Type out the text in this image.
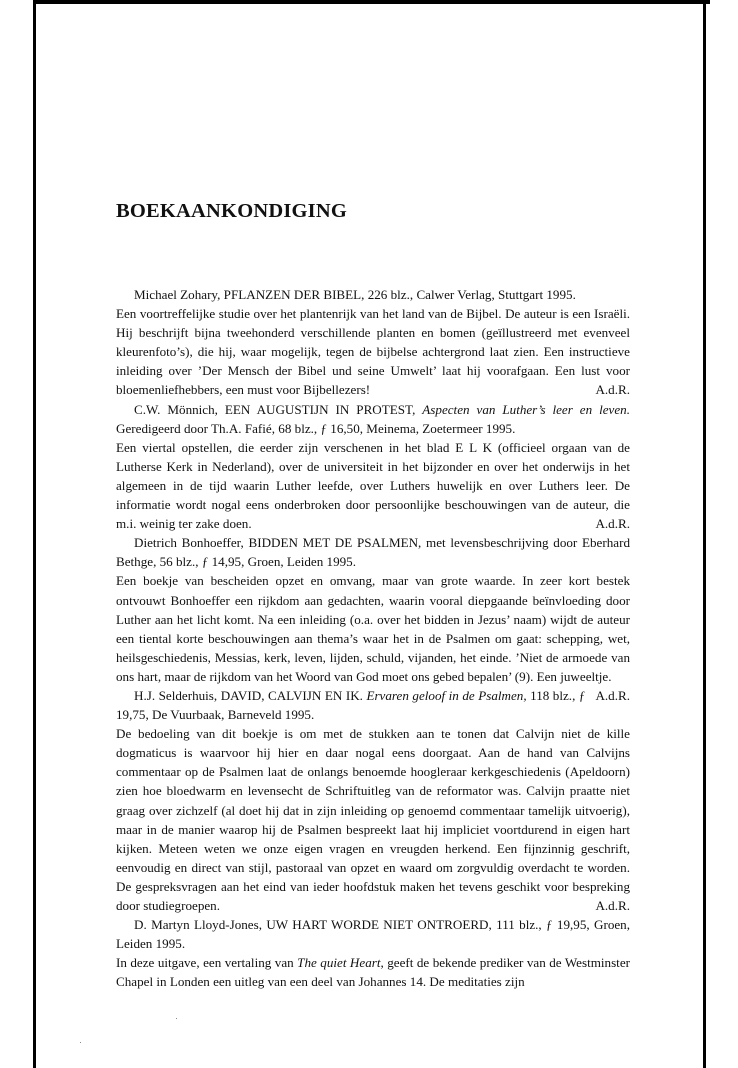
BOEKAANKONDIGING

Michael Zohary, PFLANZEN DER BIBEL, 226 blz., Calwer Verlag, Stuttgart 1995.

Een voortreffelijke studie over het plantenrijk van het land van de Bijbel. De auteur is een Israëli. Hij beschrijft bijna tweehonderd verschillende planten en bomen (geïllustreerd met evenveel kleurenfoto’s), die hij, waar mogelijk, tegen de bijbelse achtergrond laat zien. Een instructieve inleiding over ’Der Mensch der Bibel und seine Umwelt’ laat hij voorafgaan. Een lust voor bloemenliefhebbers, een must voor Bijbellezers!	A.d.R.

C.W. Mönnich, EEN AUGUSTIJN IN PROTEST, Aspecten van Luther’s leer en leven. Geredigeerd door Th.A. Fafié, 68 blz., ƒ 16,50, Meinema, Zoetermeer 1995.

Een viertal opstellen, die eerder zijn verschenen in het blad E L K (officieel orgaan van de Lutherse Kerk in Nederland), over de universiteit in het bijzonder en over het onderwijs in het algemeen in de tijd waarin Luther leefde, over Luthers huwelijk en over Luthers leer. De informatie wordt nogal eens onderbroken door persoonlijke beschouwingen van de auteur, die m.i. weinig ter zake doen.	A.d.R.

Dietrich Bonhoeffer, BIDDEN MET DE PSALMEN, met levensbeschrijving door Eberhard Bethge, 56 blz., ƒ 14,95, Groen, Leiden 1995.

Een boekje van bescheiden opzet en omvang, maar van grote waarde. In zeer kort bestek ontvouwt Bonhoeffer een rijkdom aan gedachten, waarin vooral diepgaande beïnvloeding door Luther aan het licht komt. Na een inleiding (o.a. over het bidden in Jezus’ naam) wijdt de auteur een tiental korte beschouwingen aan thema’s waar het in de Psalmen om gaat: schepping, wet, heilsgeschiedenis, Messias, kerk, leven, lijden, schuld, vijanden, het einde. ’Niet de armoede van ons hart, maar de rijkdom van het Woord van God moet ons gebed bepalen’ (9). Een juweeltje.
A.d.R.

H.J. Selderhuis, DAVID, CALVIJN EN IK. Ervaren geloof in de Psalmen, 118 blz., ƒ 19,75, De Vuurbaak, Barneveld 1995.

De bedoeling van dit boekje is om met de stukken aan te tonen dat Calvijn niet de kille dogmaticus is waarvoor hij hier en daar nogal eens doorgaat. Aan de hand van Calvijns commentaar op de Psalmen laat de onlangs benoemde hoogleraar kerkgeschiedenis (Apeldoorn) zien hoe bloedwarm en levensecht de Schriftuitleg van de reformator was. Calvijn praatte niet graag over zichzelf (al doet hij dat in zijn inleiding op genoemd commentaar tamelijk uitvoerig), maar in de manier waarop hij de Psalmen bespreekt laat hij impliciet voortdurend in eigen hart kijken. Meteen weten we onze eigen vragen en vreugden herkend. Een fijnzinnig geschrift, eenvoudig en direct van stijl, pastoraal van opzet en waard om zorgvuldig overdacht te worden. De gespreksvragen aan het eind van ieder hoofdstuk maken het tevens geschikt voor bespreking door studiegroepen.	A.d.R.

D. Martyn Lloyd-Jones, UW HART WORDE NIET ONTROERD, 111 blz., ƒ 19,95, Groen, Leiden 1995.

In deze uitgave, een vertaling van The quiet Heart, geeft de bekende prediker van de Westminster Chapel in Londen een uitleg van een deel van Johannes 14. De meditaties zijn
